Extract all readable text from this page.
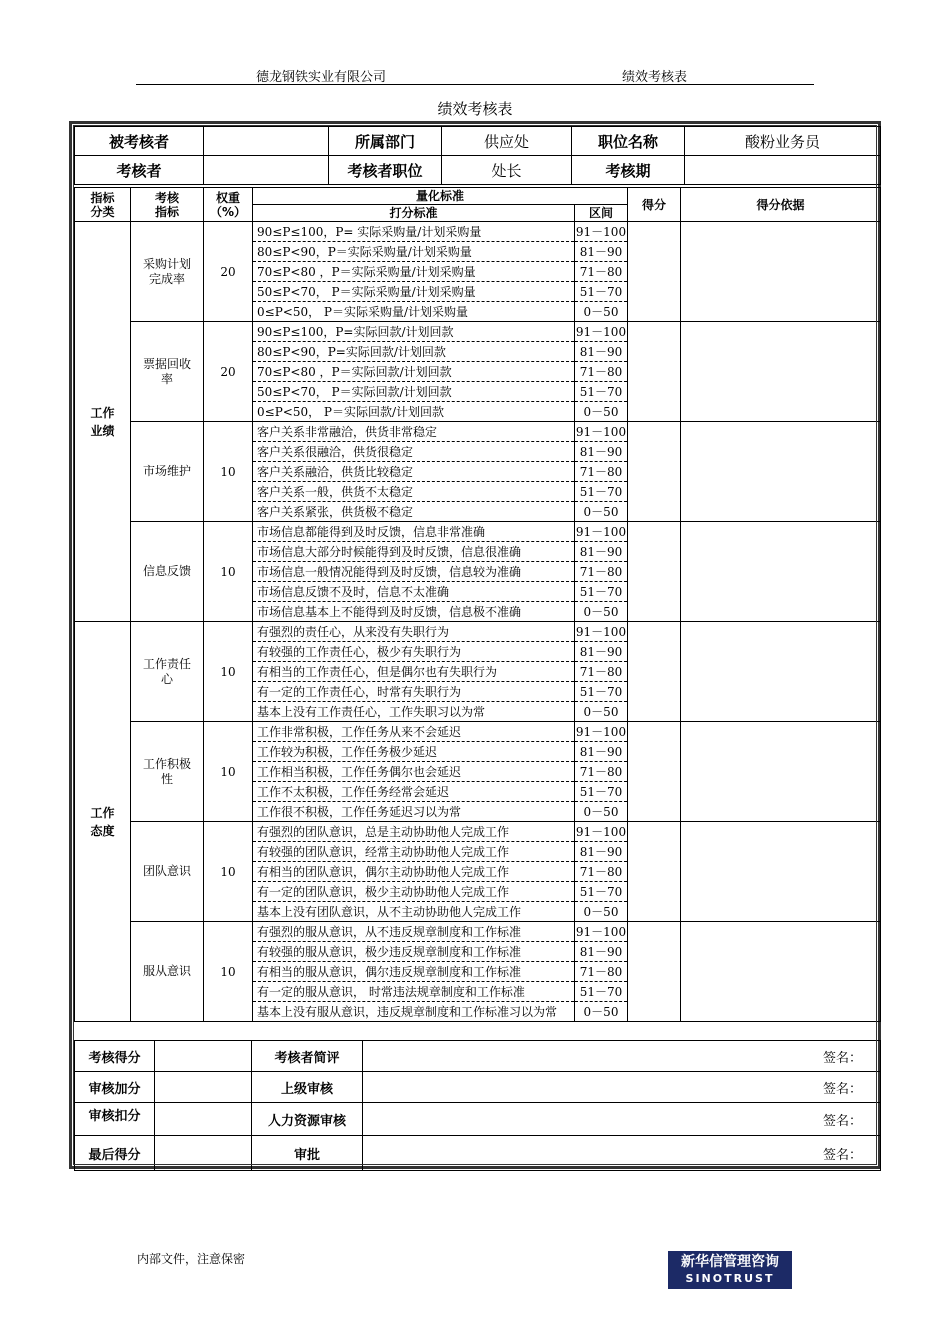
德龙钢铁实业有限公司	绩效考核表
绩效考核表
被考核者		所属部门	供应处	职位名称	酸粉业务员
考核者		考核者职位	处长	考核期	
指标分类	考核指标	权重（%）	量化标准		得分	得分依据
			打分标准	区间		
工作业绩	采购计划完成率	20	90≤P≤100，P= 实际采购量/计划采购量	91－100		
			80≤P<90，P＝实际采购量/计划采购量	81－90		
			70≤P<80 ，P＝实际采购量/计划采购量	71－80		
			50≤P<70， P＝实际采购量/计划采购量	51－70		
			0≤P<50， P＝实际采购量/计划采购量	0－50		
	票据回收率	20	90≤P≤100，P=实际回款/计划回款	91－100		
			80≤P<90，P=实际回款/计划回款	81－90		
			70≤P<80 ，P＝实际回款/计划回款	71－80		
			50≤P<70， P＝实际回款/计划回款	51－70		
			0≤P<50， P＝实际回款/计划回款	0－50		
	市场维护	10	客户关系非常融洽，供货非常稳定	91－100		
			客户关系很融洽，供货很稳定	81－90		
			客户关系融洽，供货比较稳定	71－80		
			客户关系一般，供货不太稳定	51－70		
			客户关系紧张，供货极不稳定	0－50		
	信息反馈	10	市场信息都能得到及时反馈，信息非常准确	91－100		
			市场信息大部分时候能得到及时反馈，信息很准确	81－90		
			市场信息一般情况能得到及时反馈，信息较为准确	71－80		
			市场信息反馈不及时，信息不太准确	51－70		
			市场信息基本上不能得到及时反馈，信息极不准确	0－50		
工作态度	工作责任心	10	有强烈的责任心，从来没有失职行为	91－100		
			有较强的工作责任心，极少有失职行为	81－90		
			有相当的工作责任心，但是偶尔也有失职行为	71－80		
			有一定的工作责任心，时常有失职行为	51－70		
			基本上没有工作责任心，工作失职习以为常	0－50		
	工作积极性	10	工作非常积极，工作任务从来不会延迟	91－100		
			工作较为积极，工作任务极少延迟	81－90		
			工作相当积极，工作任务偶尔也会延迟	71－80		
			工作不太积极，工作任务经常会延迟	51－70		
			工作很不积极，工作任务延迟习以为常	0－50		
	团队意识	10	有强烈的团队意识，总是主动协助他人完成工作	91－100		
			有较强的团队意识，经常主动协助他人完成工作	81－90		
			有相当的团队意识，偶尔主动协助他人完成工作	71－80		
			有一定的团队意识，极少主动协助他人完成工作	51－70		
			基本上没有团队意识，从不主动协助他人完成工作	0－50		
	服从意识	10	有强烈的服从意识，从不违反规章制度和工作标准	91－100		
			有较强的服从意识，极少违反规章制度和工作标准	81－90		
			有相当的服从意识，偶尔违反规章制度和工作标准	71－80		
			有一定的服从意识， 时常违法规章制度和工作标准	51－70		
			基本上没有服从意识，违反规章制度和工作标准习以为常	0－50		
考核得分		考核者简评	签名：
审核加分		上级审核	签名：
审核扣分		人力资源审核	签名：
最后得分		审批	签名：
内部文件，注意保密	新华信管理咨询
SINOTRUST
